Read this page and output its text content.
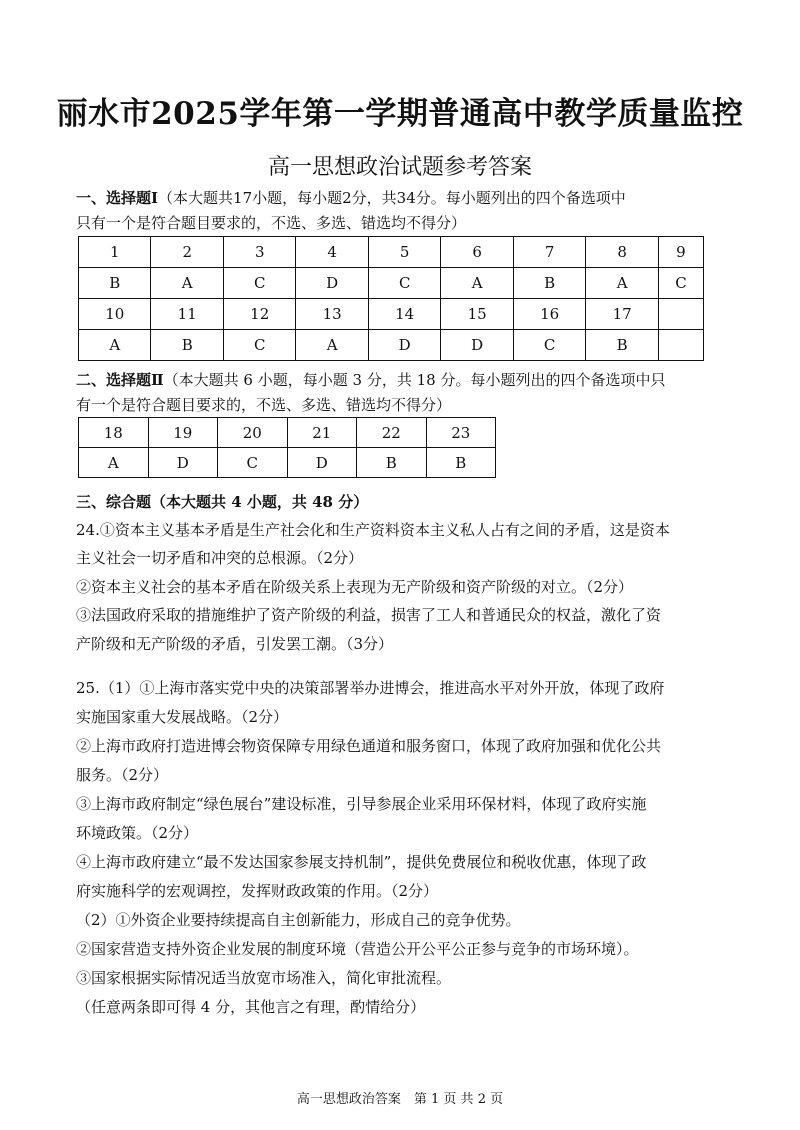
丽水市2025学年第一学期普通高中教学质量监控
高一思想政治试题参考答案
一、选择题Ⅰ（本大题共17小题，每小题2分，共34分。每小题列出的四个备选项中
只有一个是符合题目要求的，不选、多选、错选均不得分）
1	2	3	4	5	6	7	8	9
B	A	C	D	C	A	B	A	C
10	11	12	13	14	15	16	17	
A	B	C	A	D	D	C	B	
二、选择题Ⅱ（本大题共 6 小题，每小题 3 分，共 18 分。每小题列出的四个备选项中只
有一个是符合题目要求的，不选、多选、错选均不得分）
18	19	20	21	22	23
A	D	C	D	B	B
三、综合题（本大题共 4 小题，共 48 分）
24.①资本主义基本矛盾是生产社会化和生产资料资本主义私人占有之间的矛盾，这是资本
主义社会一切矛盾和冲突的总根源。（2分）
②资本主义社会的基本矛盾在阶级关系上表现为无产阶级和资产阶级的对立。（2分）
③法国政府采取的措施维护了资产阶级的利益，损害了工人和普通民众的权益，激化了资
产阶级和无产阶级的矛盾，引发罢工潮。（3分）
25.（1）①上海市落实党中央的决策部署举办进博会，推进高水平对外开放，体现了政府
实施国家重大发展战略。（2分）
②上海市政府打造进博会物资保障专用绿色通道和服务窗口，体现了政府加强和优化公共
服务。（2分）
③上海市政府制定“绿色展台”建设标准，引导参展企业采用环保材料，体现了政府实施
环境政策。（2分）
④上海市政府建立“最不发达国家参展支持机制”，提供免费展位和税收优惠，体现了政
府实施科学的宏观调控，发挥财政政策的作用。（2分）
（2）①外资企业要持续提高自主创新能力，形成自己的竞争优势。
②国家营造支持外资企业发展的制度环境（营造公开公平公正参与竞争的市场环境）。
③国家根据实际情况适当放宽市场准入，简化审批流程。
（任意两条即可得 4 分，其他言之有理，酌情给分）
高一思想政治答案　第 1 页 共 2 页
